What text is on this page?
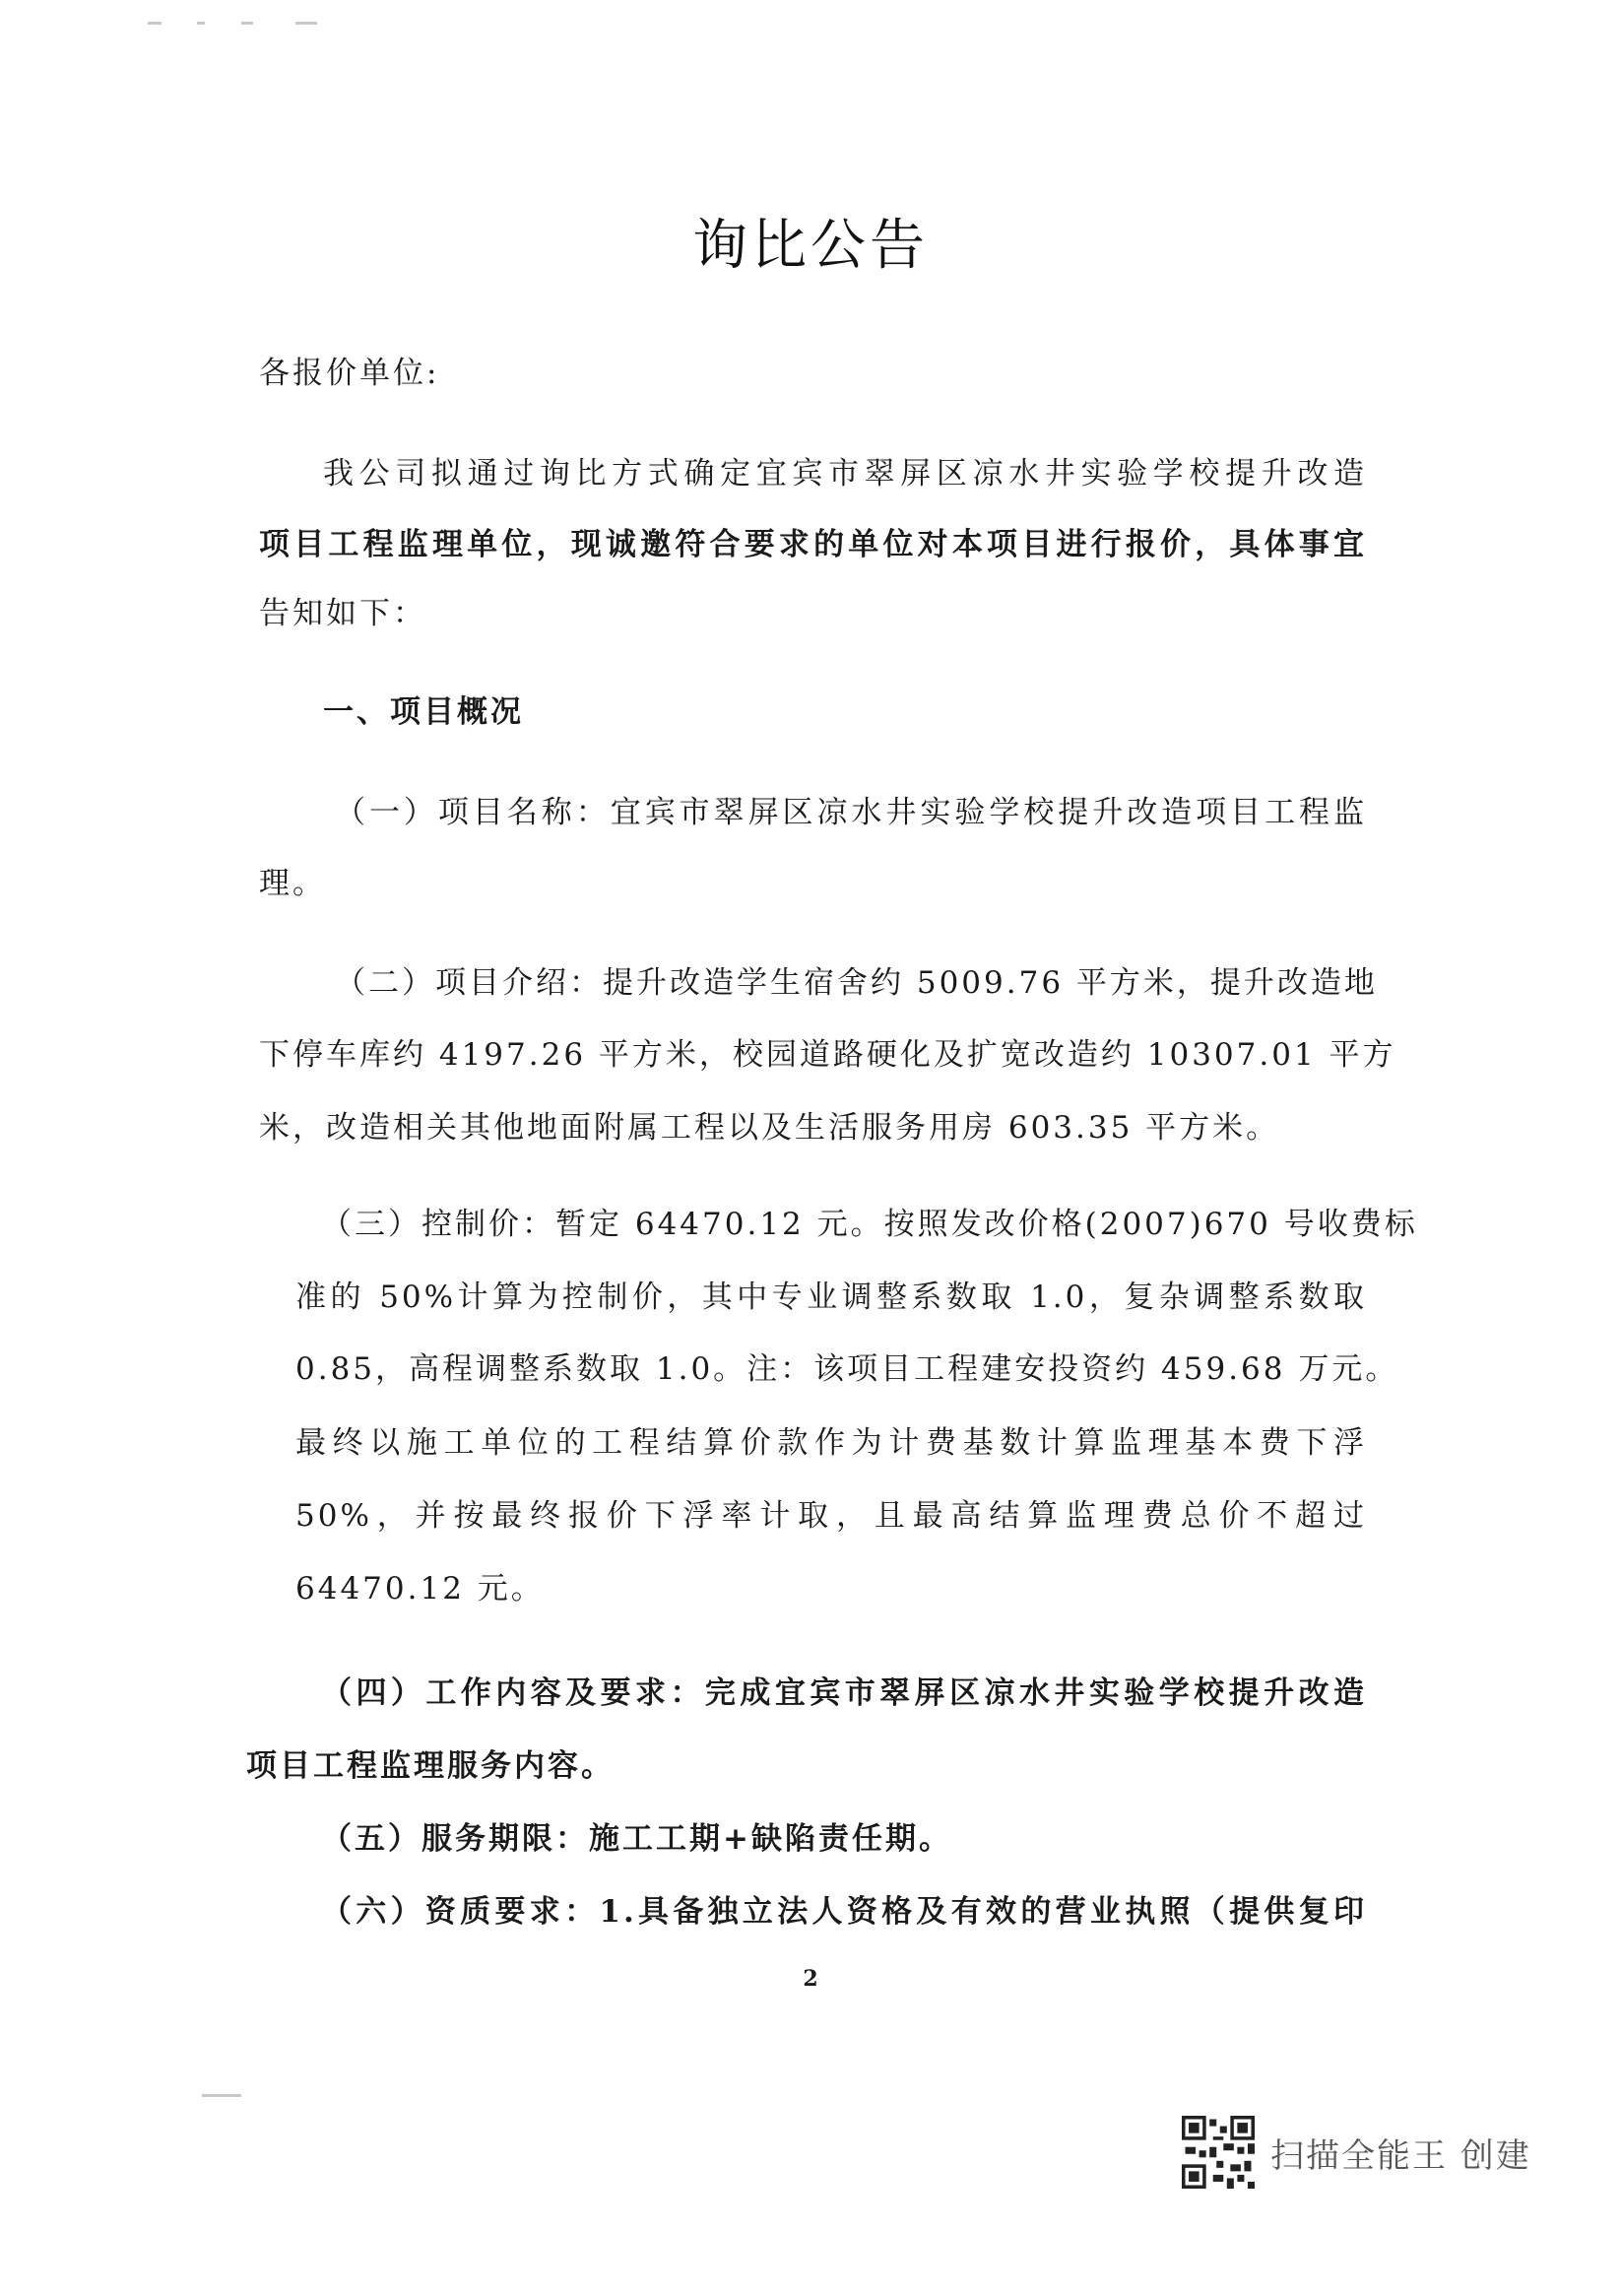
询比公告
各报价单位:
我公司拟通过询比方式确定宜宾市翠屏区凉水井实验学校提升改造
项目工程监理单位，现诚邀符合要求的单位对本项目进行报价，具体事宜
告知如下：
一、项目概况
（一）项目名称：宜宾市翠屏区凉水井实验学校提升改造项目工程监
理。
（二）项目介绍：提升改造学生宿舍约 5009.76 平方米，提升改造地
下停车库约 4197.26 平方米，校园道路硬化及扩宽改造约 10307.01 平方
米，改造相关其他地面附属工程以及生活服务用房 603.35 平方米。
（三）控制价：暂定 64470.12 元。按照发改价格(2007)670 号收费标
准的 50%计算为控制价，其中专业调整系数取 1.0，复杂调整系数取
0.85，高程调整系数取 1.0。注：该项目工程建安投资约 459.68 万元。
最终以施工单位的工程结算价款作为计费基数计算监理基本费下浮
50%，并按最终报价下浮率计取，且最高结算监理费总价不超过
64470.12 元。
（四）工作内容及要求：完成宜宾市翠屏区凉水井实验学校提升改造
项目工程监理服务内容。
（五）服务期限：施工工期+缺陷责任期。
（六）资质要求：1.具备独立法人资格及有效的营业执照（提供复印
2
扫描全能王 创建
